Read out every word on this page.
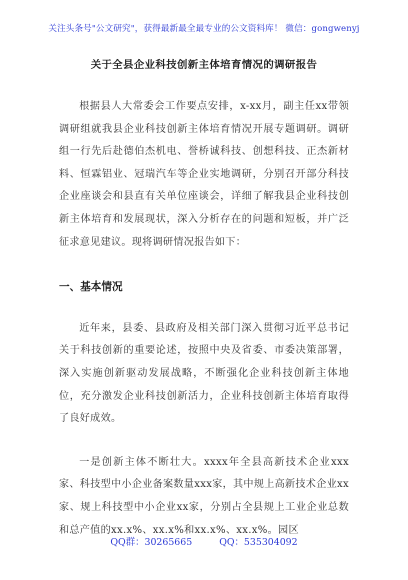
关注头条号"公文研究"，获得最新最全最专业的公文资料库！ 微信：gongwenyj
关于全县企业科技创新主体培育情况的调研报告

根据县人大常委会工作要点安排，x-xx月，副主任xx带领调研组就我县企业科技创新主体培育情况开展专题调研。调研组一行先后赴德伯杰机电、誉桥诚科技、创想科技、正杰新材料、恒霖铝业、冠瑞汽车等企业实地调研，分别召开部分科技企业座谈会和县直有关单位座谈会，详细了解我县企业科技创新主体培育和发展现状，深入分析存在的问题和短板，并广泛征求意见建议。现将调研情况报告如下：

一、基本情况

近年来，县委、县政府及相关部门深入贯彻习近平总书记关于科技创新的重要论述，按照中央及省委、市委决策部署，深入实施创新驱动发展战略，不断强化企业科技创新主体地位，充分激发企业科技创新活力，企业科技创新主体培育取得了良好成效。

一是创新主体不断壮大。xxxx年全县高新技术企业xxx家、科技型中小企业备案数量xxx家，其中规上高新技术企业xx家、规上科技型中小企业xx家，分别占全县规上工业企业总数和总产值的xx.x%、xx.x%和xx.x%、xx.x%。园区

QQ群：30265665	QQ：535304092
